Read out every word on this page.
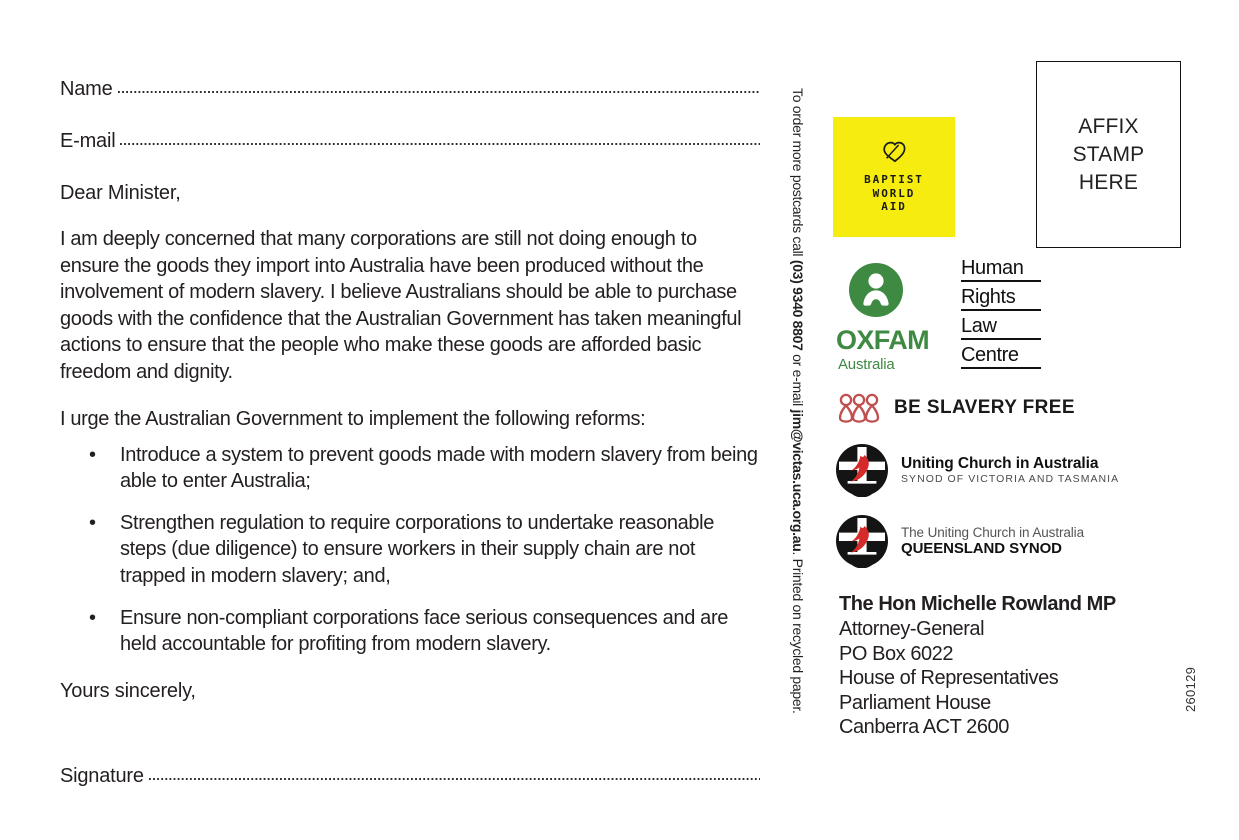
Name
E-mail
Dear Minister,

I am deeply concerned that many corporations are still not doing enough to ensure the goods they import into Australia have been produced without the involvement of modern slavery. I believe Australians should be able to purchase goods with the confidence that the Australian Government has taken meaningful actions to ensure that the people who make these goods are afforded basic freedom and dignity.

I urge the Australian Government to implement the following reforms:
• Introduce a system to prevent goods made with modern slavery from being able to enter Australia;
• Strengthen regulation to require corporations to undertake reasonable steps (due diligence) to ensure workers in their supply chain are not trapped in modern slavery; and,
• Ensure non-compliant corporations face serious consequences and are held accountable for profiting from modern slavery.
Yours sincerely,
Signature
To order more postcards call (03) 9340 8807 or e-mail jim@victas.uca.org.au. Printed on recycled paper.
BAPTIST
WORLD
AID
OXFAM
Australia
Human
Rights
Law
Centre
BE SLAVERY FREE
Uniting Church in Australia
SYNOD OF VICTORIA AND TASMANIA
The Uniting Church in Australia
QUEENSLAND SYNOD
The Hon Michelle Rowland MP
Attorney-General
PO Box 6022
House of Representatives
Parliament House
Canberra ACT 2600
AFFIX
STAMP
HERE
260129
